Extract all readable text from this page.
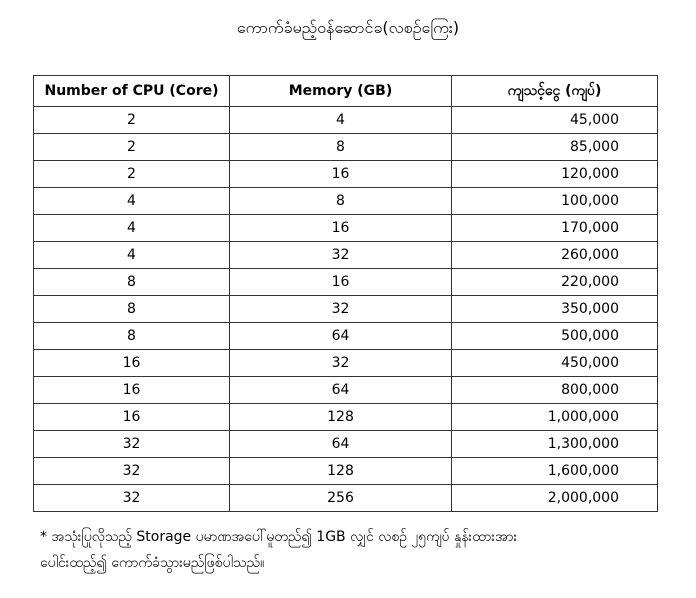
ကောက်ခံမည့်ဝန်ဆောင်ခ(လစဉ်ကြေး)
Number of CPU (Core)	Memory (GB)	ကျသင့်ငွေ (ကျပ်)
2	4	45,000
2	8	85,000
2	16	120,000
4	8	100,000
4	16	170,000
4	32	260,000
8	16	220,000
8	32	350,000
8	64	500,000
16	32	450,000
16	64	800,000
16	128	1,000,000
32	64	1,300,000
32	128	1,600,000
32	256	2,000,000
* အသုံးပြုလိုသည့် Storage ပမာဏအပေါ်မူတည်၍ 1GB လျှင် လစဉ် ၂၅ကျပ် နှုန်းထားအား
ပေါင်းထည့်၍ ကောက်ခံသွားမည်ဖြစ်ပါသည်။
